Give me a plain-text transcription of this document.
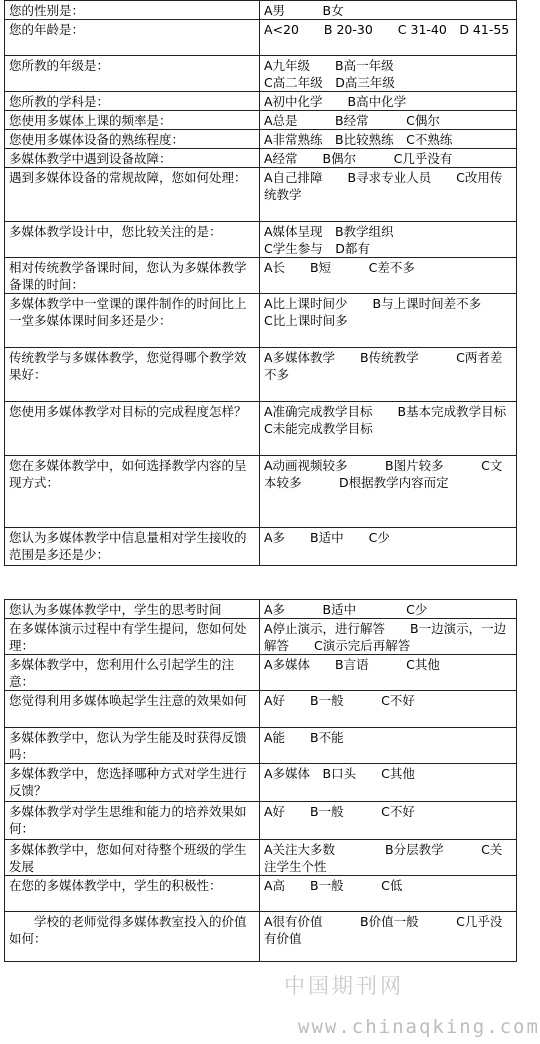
您的性别是：	A男　　　B女
您的年龄是：	A<20　　B 20-30　　C 31-40　D 41-55
您所教的年级是：	A九年级　　B高一年级
C高二年级　D高三年级
您所教的学科是：	A初中化学　　B高中化学
您使用多媒体上课的频率是：	A总是　　　B经常　　　C偶尔
您使用多媒体设备的熟练程度：	A非常熟练　B比较熟练　C不熟练
多媒体教学中遇到设备故障：	A经常　　B偶尔　　　C几乎没有
遇到多媒体设备的常规故障，您如何处理：	A自己排障　　B寻求专业人员　　C改用传统教学
多媒体教学设计中，您比较关注的是：	A媒体呈现　B教学组织
C学生参与　D都有
相对传统教学备课时间，您认为多媒体教学备课的时间：	A长　　B短　　　C差不多
多媒体教学中一堂课的课件制作的时间比上一堂多媒体课时间多还是少：	A比上课时间少　　B与上课时间差不多　　C比上课时间多
传统教学与多媒体教学，您觉得哪个教学效果好：	A多媒体教学　　B传统教学　　　C两者差不多
您使用多媒体教学对目标的完成程度怎样？	A准确完成教学目标　　B基本完成教学目标　　C未能完成教学目标
您在多媒体教学中，如何选择教学内容的呈现方式：	A动画视频较多　　　B图片较多　　　C文本较多　　　D根据教学内容而定
您认为多媒体教学中信息量相对学生接收的范围是多还是少：	A多　　B适中　　C少
您认为多媒体教学中，学生的思考时间	A多　　　B适中　　　　C少
在多媒体演示过程中有学生提问，您如何处理：	A停止演示，进行解答　　B一边演示，一边解答　　C演示完后再解答
多媒体教学中，您利用什么引起学生的注意：	A多媒体　　B言语　　　C其他
您觉得利用多媒体唤起学生注意的效果如何	A好　　B一般　　　C不好
多媒体教学中，您认为学生能及时获得反馈吗：	A能　　B不能
多媒体教学中，您选择哪种方式对学生进行反馈？	A多媒体　B口头　　C其他
多媒体教学对学生思维和能力的培养效果如何：	A好　　B一般　　　C不好
多媒体教学中，您如何对待整个班级的学生发展	A关注大多数　　　　B分层教学　　　C关注学生个性
在您的多媒体教学中，学生的积极性：	A高　　B一般　　　C低
　　学校的老师觉得多媒体教室投入的价值如何：	A很有价值　　　B价值一般　　　C几乎没有价值
中国期刊网
www.chinaqking.com
